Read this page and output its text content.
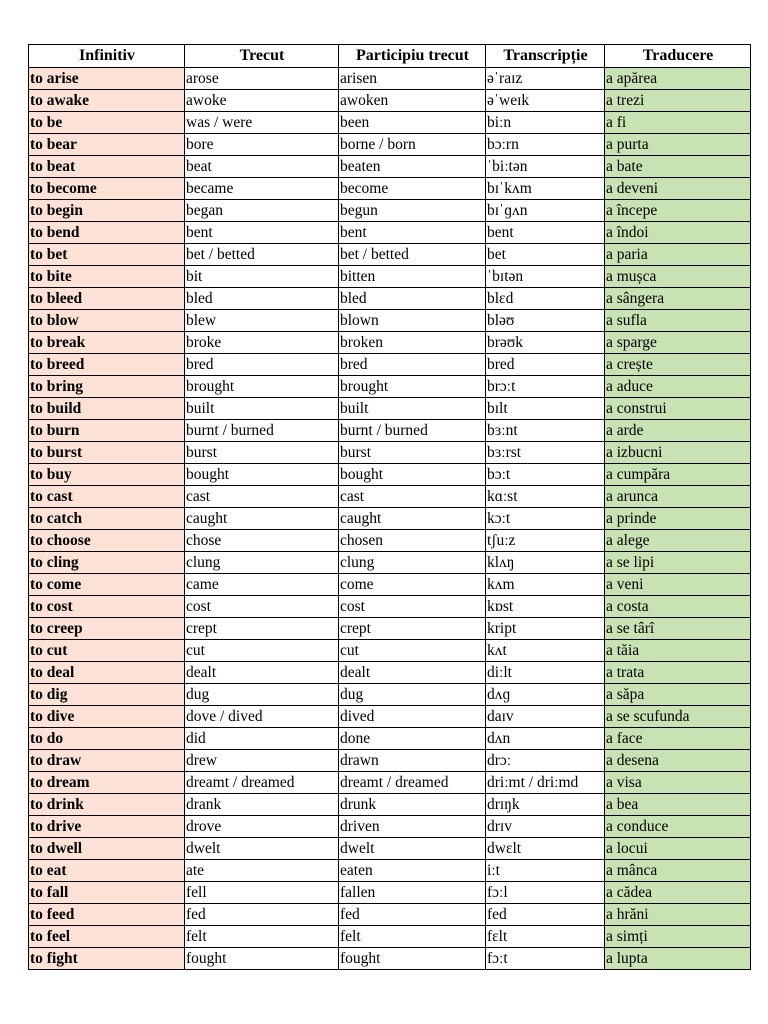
Infinitiv	Trecut	Participiu trecut	Transcripție	Traducere
to arise	arose	arisen	əˈraɪz	a apărea
to awake	awoke	awoken	əˈweɪk	a trezi
to be	was / were	been	biːn	a fi
to bear	bore	borne / born	bɔːrn	a purta
to beat	beat	beaten	ˈbiːtən	a bate
to become	became	become	bɪˈkʌm	a deveni
to begin	began	begun	bɪˈɡʌn	a începe
to bend	bent	bent	bent	a îndoi
to bet	bet / betted	bet / betted	bet	a paria
to bite	bit	bitten	ˈbɪtən	a mușca
to bleed	bled	bled	blɛd	a sângera
to blow	blew	blown	bləʊ	a sufla
to break	broke	broken	brəʊk	a sparge
to breed	bred	bred	bred	a crește
to bring	brought	brought	brɔːt	a aduce
to build	built	built	bɪlt	a construi
to burn	burnt / burned	burnt / burned	bɜːnt	a arde
to burst	burst	burst	bɜːrst	a izbucni
to buy	bought	bought	bɔːt	a cumpăra
to cast	cast	cast	kɑːst	a arunca
to catch	caught	caught	kɔːt	a prinde
to choose	chose	chosen	tʃuːz	a alege
to cling	clung	clung	klʌŋ	a se lipi
to come	came	come	kʌm	a veni
to cost	cost	cost	kɒst	a costa
to creep	crept	crept	kript	a se târî
to cut	cut	cut	kʌt	a tăia
to deal	dealt	dealt	diːlt	a trata
to dig	dug	dug	dʌɡ	a săpa
to dive	dove / dived	dived	daɪv	a se scufunda
to do	did	done	dʌn	a face
to draw	drew	drawn	drɔː	a desena
to dream	dreamt / dreamed	dreamt / dreamed	driːmt / driːmd	a visa
to drink	drank	drunk	drɪŋk	a bea
to drive	drove	driven	drɪv	a conduce
to dwell	dwelt	dwelt	dwɛlt	a locui
to eat	ate	eaten	iːt	a mânca
to fall	fell	fallen	fɔːl	a cădea
to feed	fed	fed	fed	a hrăni
to feel	felt	felt	fɛlt	a simți
to fight	fought	fought	fɔːt	a lupta
